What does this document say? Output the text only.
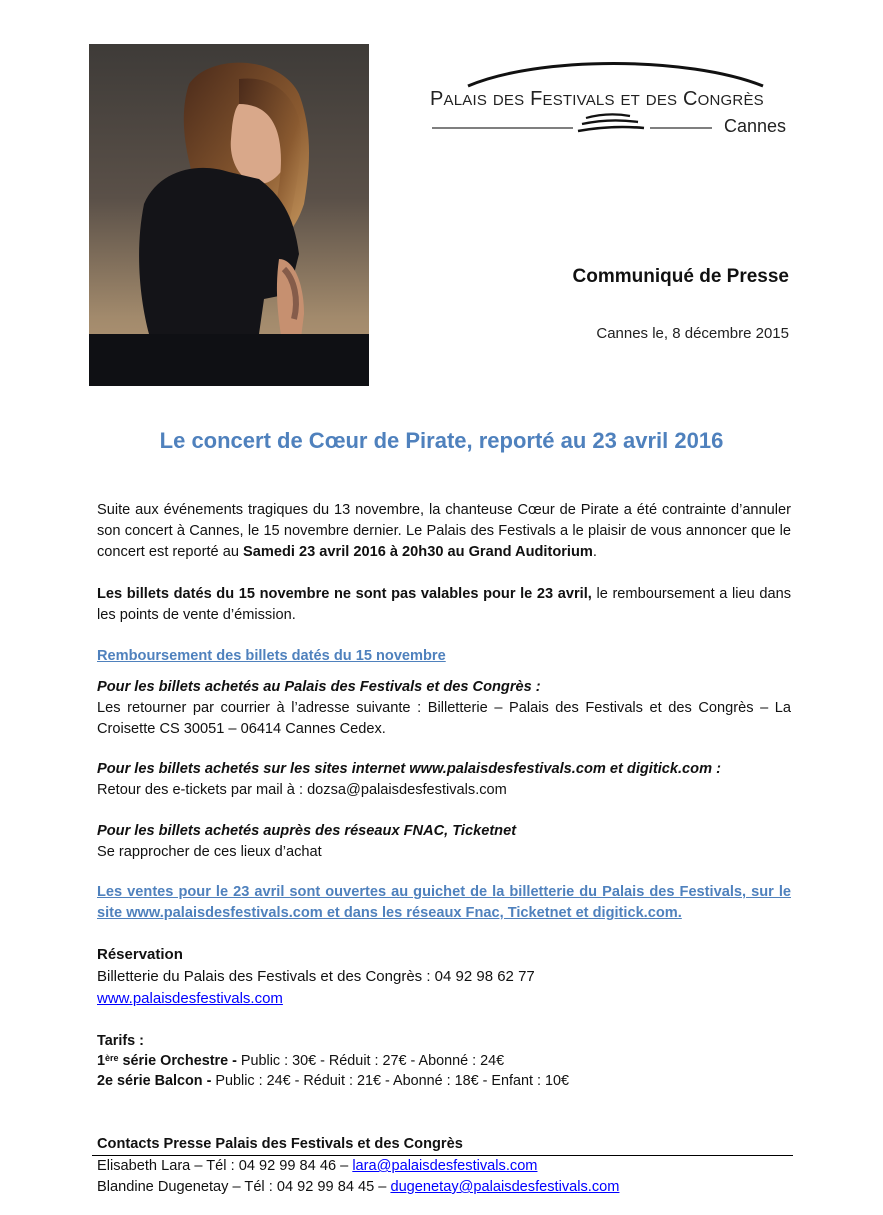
PALAIS DES FESTIVALS ET DES CONGRÈS
Cannes
Communiqué de Presse
Cannes le, 8 décembre 2015
Le concert de Cœur de Pirate, reporté au 23 avril 2016
Suite aux événements tragiques du 13 novembre, la chanteuse Cœur de Pirate a été contrainte d’annuler son concert à Cannes, le 15 novembre dernier. Le Palais des Festivals a le plaisir de vous annoncer que le concert est reporté au Samedi 23 avril 2016 à 20h30 au Grand Auditorium.
Les billets datés du 15 novembre ne sont pas valables pour le 23 avril, le remboursement a lieu dans les points de vente d’émission.
Remboursement des billets datés du 15 novembre
Pour les billets achetés au Palais des Festivals et des Congrès :
Les retourner par courrier à l’adresse suivante : Billetterie – Palais des Festivals et des Congrès – La Croisette CS 30051 – 06414 Cannes Cedex.
Pour les billets achetés sur les sites internet www.palaisdesfestivals.com et digitick.com :
Retour des e-tickets par mail à : dozsa@palaisdesfestivals.com
Pour les billets achetés auprès des réseaux FNAC, Ticketnet
Se rapprocher de ces lieux d’achat
Les ventes pour le 23 avril sont ouvertes au guichet de la billetterie du Palais des Festivals, sur le site www.palaisdesfestivals.com et dans les réseaux Fnac, Ticketnet et digitick.com.
Réservation
Billetterie du Palais des Festivals et des Congrès : 04 92 98 62 77
www.palaisdesfestivals.com
Tarifs :
1ère série Orchestre - Public : 30€ - Réduit : 27€ - Abonné : 24€
2e série Balcon - Public : 24€ - Réduit : 21€ - Abonné : 18€ - Enfant : 10€
Contacts Presse Palais des Festivals et des Congrès
Elisabeth Lara – Tél : 04 92 99 84 46 – lara@palaisdesfestivals.com
Blandine Dugenetay – Tél : 04 92 99 84 45 – dugenetay@palaisdesfestivals.com
